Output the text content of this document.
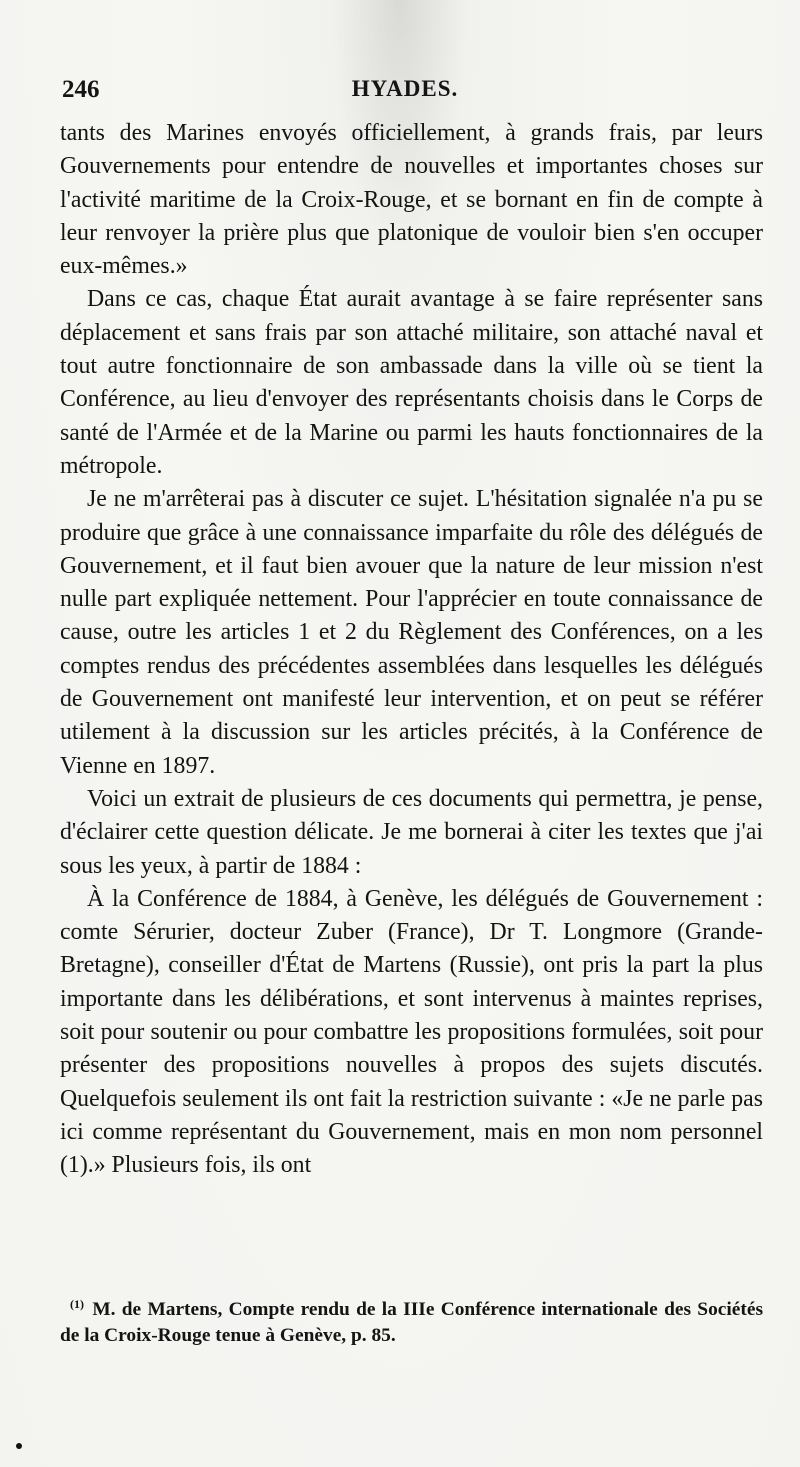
246	HYADES.

tants des Marines envoyés officiellement, à grands frais, par leurs Gouvernements pour entendre de nouvelles et importantes choses sur l'activité maritime de la Croix-Rouge, et se bornant en fin de compte à leur renvoyer la prière plus que platonique de vouloir bien s'en occuper eux-mêmes.»

Dans ce cas, chaque État aurait avantage à se faire représenter sans déplacement et sans frais par son attaché militaire, son attaché naval et tout autre fonctionnaire de son ambassade dans la ville où se tient la Conférence, au lieu d'envoyer des représentants choisis dans le Corps de santé de l'Armée et de la Marine ou parmi les hauts fonctionnaires de la métropole.

Je ne m'arrêterai pas à discuter ce sujet. L'hésitation signalée n'a pu se produire que grâce à une connaissance imparfaite du rôle des délégués de Gouvernement, et il faut bien avouer que la nature de leur mission n'est nulle part expliquée nettement. Pour l'apprécier en toute connaissance de cause, outre les articles 1 et 2 du Règlement des Conférences, on a les comptes rendus des précédentes assemblées dans lesquelles les délégués de Gouvernement ont manifesté leur intervention, et on peut se référer utilement à la discussion sur les articles précités, à la Conférence de Vienne en 1897.

Voici un extrait de plusieurs de ces documents qui permettra, je pense, d'éclairer cette question délicate. Je me bornerai à citer les textes que j'ai sous les yeux, à partir de 1884 :

À la Conférence de 1884, à Genève, les délégués de Gouvernement : comte Sérurier, docteur Zuber (France), Dr T. Longmore (Grande-Bretagne), conseiller d'État de Martens (Russie), ont pris la part la plus importante dans les délibérations, et sont intervenus à maintes reprises, soit pour soutenir ou pour combattre les propositions formulées, soit pour présenter des propositions nouvelles à propos des sujets discutés. Quelquefois seulement ils ont fait la restriction suivante : «Je ne parle pas ici comme représentant du Gouvernement, mais en mon nom personnel (1).» Plusieurs fois, ils ont

$^{(1)}$ M. de Martens, Compte rendu de la IIIe Conférence internationale des Sociétés de la Croix-Rouge tenue à Genève, p. 85.
